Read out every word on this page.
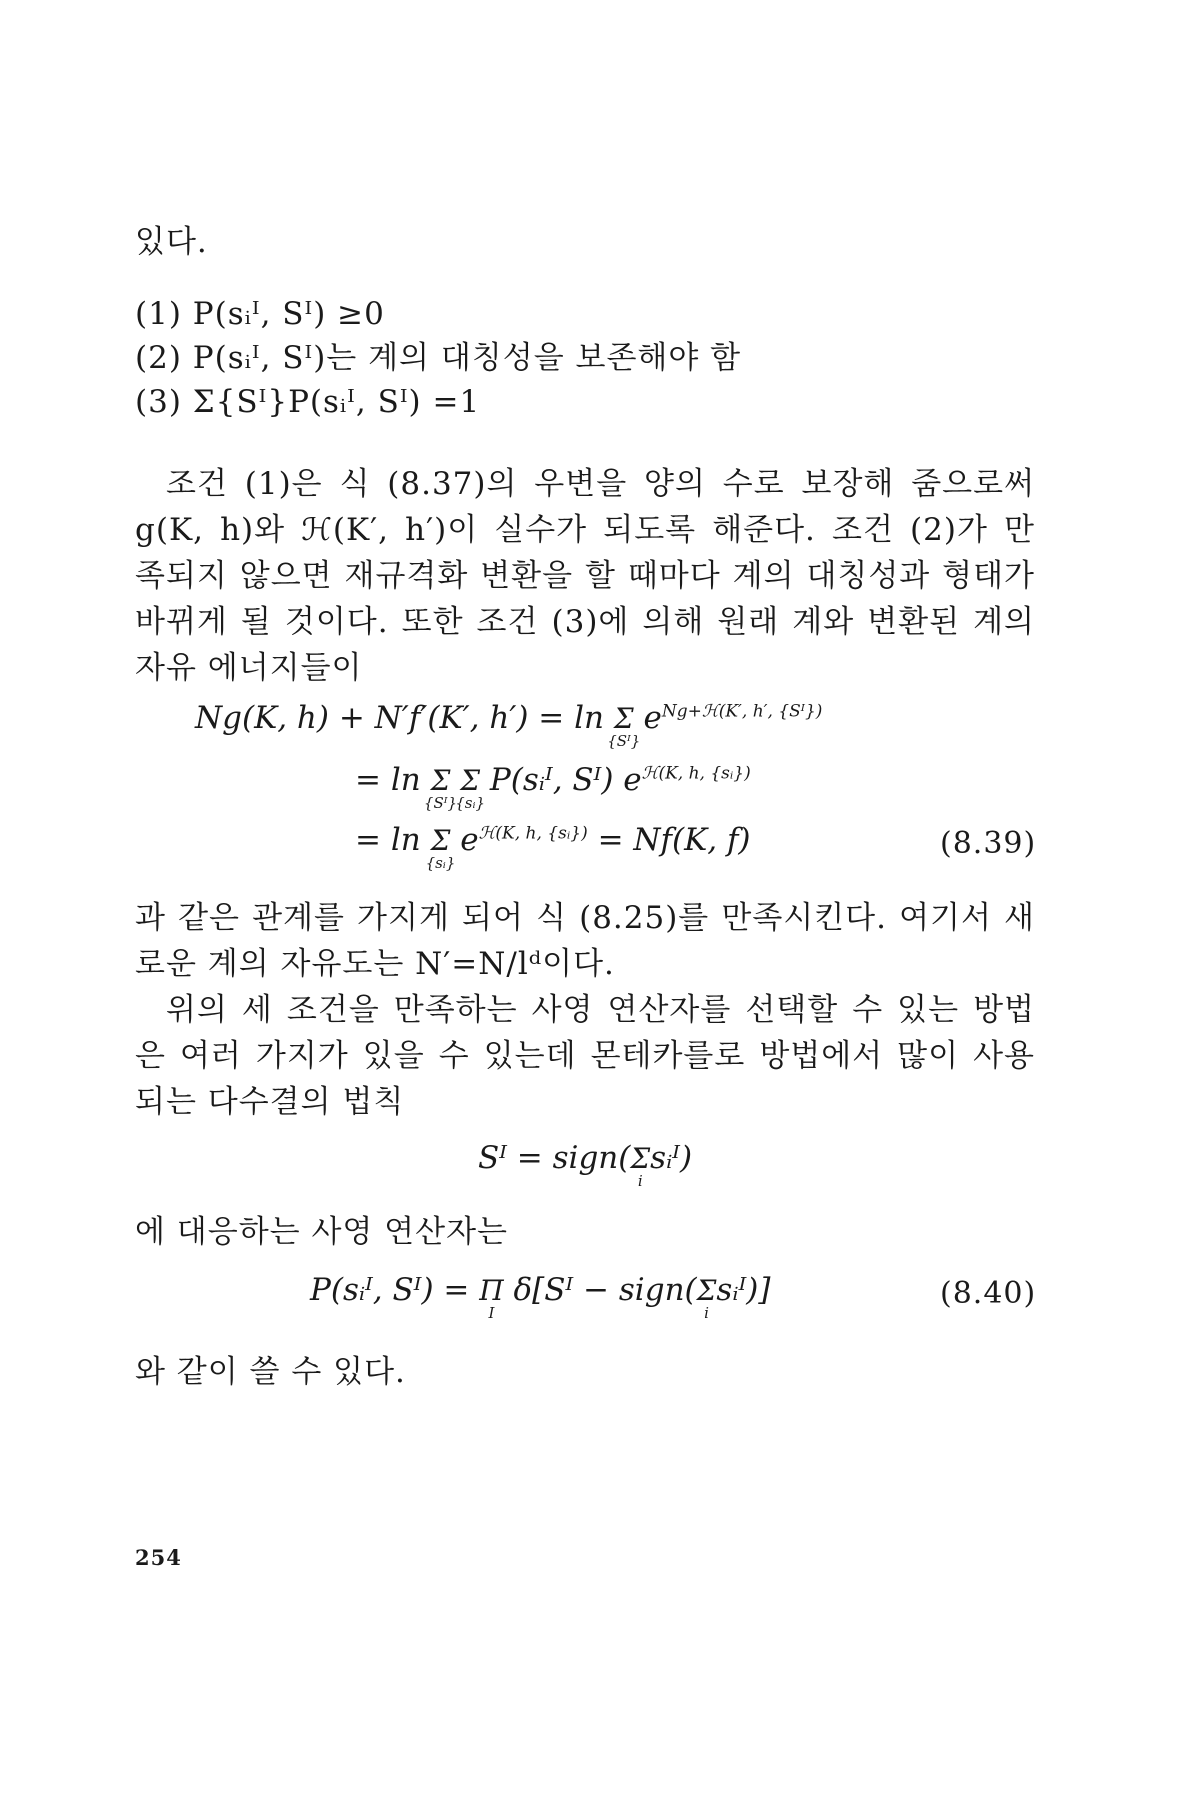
있다.
(1) P(sᵢᴵ, Sᴵ) ≥0
(2) P(sᵢᴵ, Sᴵ)는 계의 대칭성을 보존해야 함
(3) Σ{Sᴵ}P(sᵢᴵ, Sᴵ) =1
조건 (1)은 식 (8.37)의 우변을 양의 수로 보장해 줌으로써
g(K, h)와 ℋ(K′, h′)이 실수가 되도록 해준다. 조건 (2)가 만
족되지 않으면 재규격화 변환을 할 때마다 계의 대칭성과 형태가
바뀌게 될 것이다. 또한 조건 (3)에 의해 원래 계와 변환된 계의
자유 에너지들이
Ng(K, h) + N′f′(K′, h′) = ln Σ
{Sᴵ}
$e^{Ng+ℋ(K', h', \{Sᴵ\})}$
= ln Σ
{Sᴵ}
Σ
{sᵢ}
P(sᵢᴵ, Sᴵ) $e^{ℋ(K, h, \{sᵢ\})}$
= ln Σ
{sᵢ}
$e^{ℋ(K, h, \{sᵢ\})} = Nf(K$, f)	(8.39)
과 같은 관계를 가지게 되어 식 (8.25)를 만족시킨다. 여기서 새
로운 계의 자유도는 N′=N/lᵈ이다.
위의 세 조건을 만족하는 사영 연산자를 선택할 수 있는 방법
은 여러 가지가 있을 수 있는데 몬테카를로 방법에서 많이 사용
되는 다수결의 법칙
Sᴵ = sign(Σ
i
sᵢᴵ)
에 대응하는 사영 연산자는
P(sᵢᴵ, Sᴵ) = Π
I
δ[Sᴵ − sign(Σ
i
sᵢᴵ)]	(8.40)
와 같이 쓸 수 있다.
254
